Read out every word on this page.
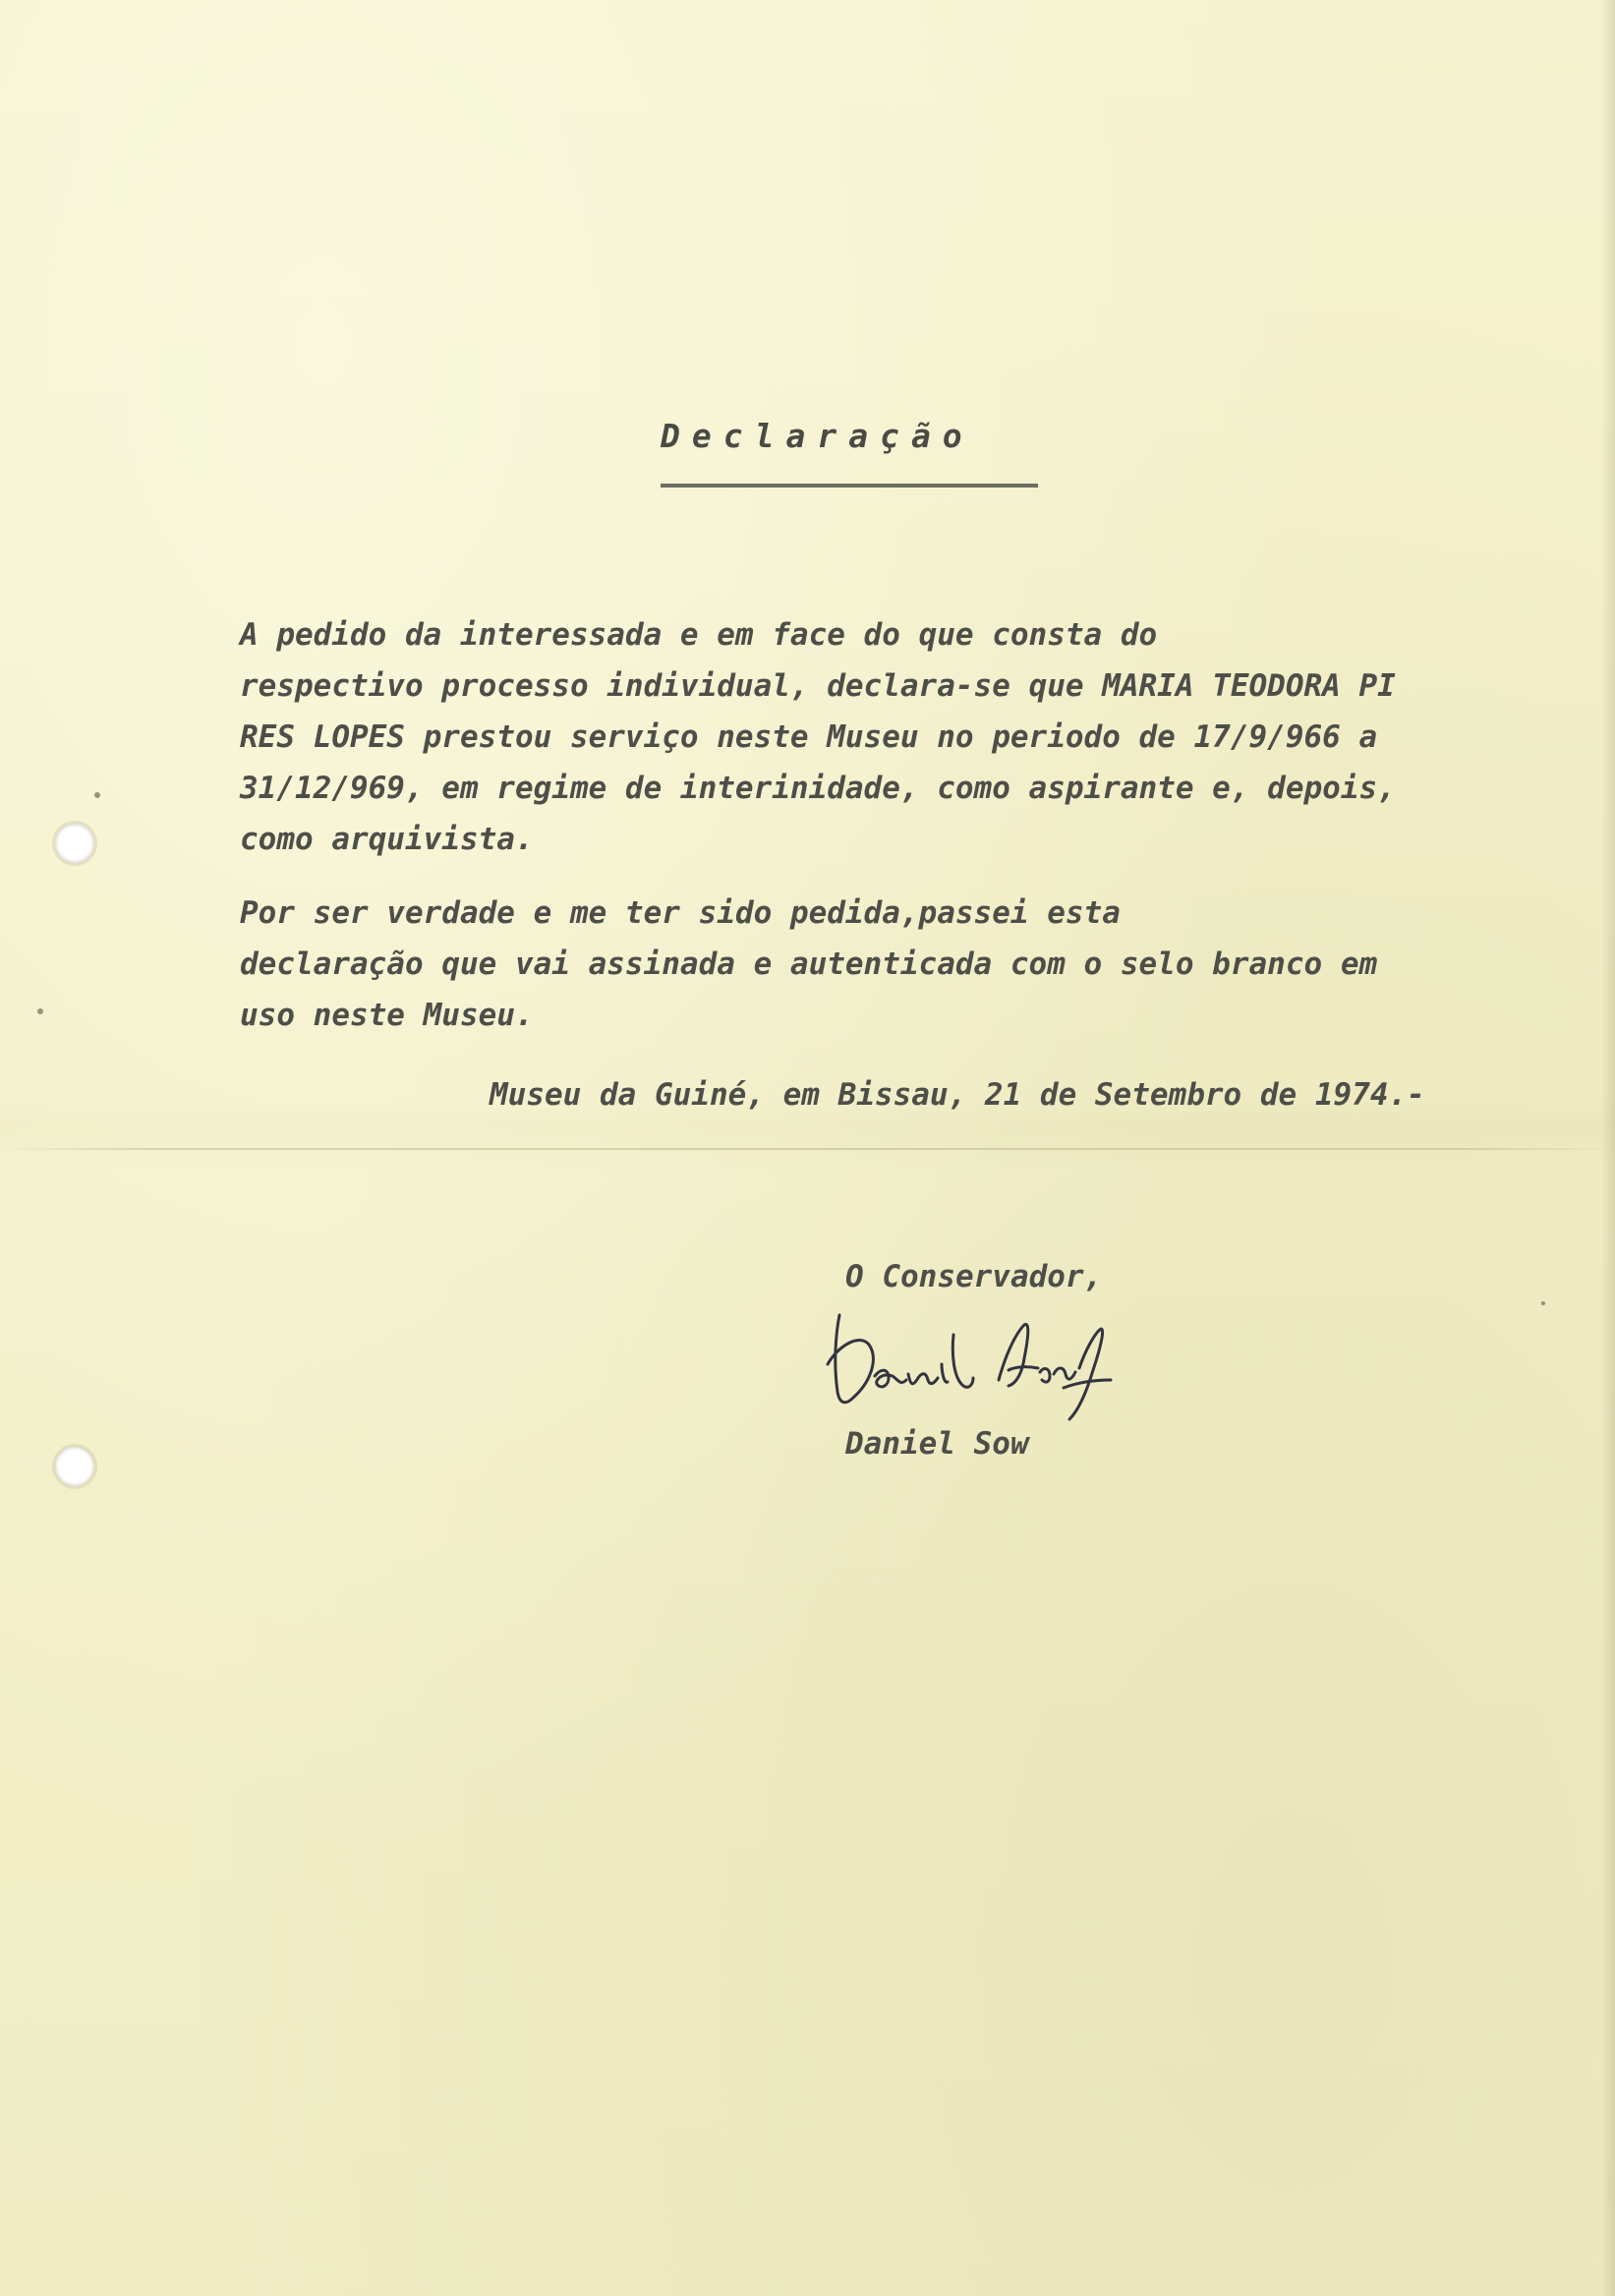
Declaração
A pedido da interessada e em face do que consta do
respectivo processo individual, declara-se que MARIA TEODORA PI
RES LOPES prestou serviço neste Museu no periodo de 17/9/966 a
31/12/969, em regime de interinidade, como aspirante e, depois,
como arquivista.
Por ser verdade e me ter sido pedida,passei esta
declaração que vai assinada e autenticada com o selo branco em
uso neste Museu.
Museu da Guiné, em Bissau, 21 de Setembro de 1974.-
O Conservador,
Daniel Sow
